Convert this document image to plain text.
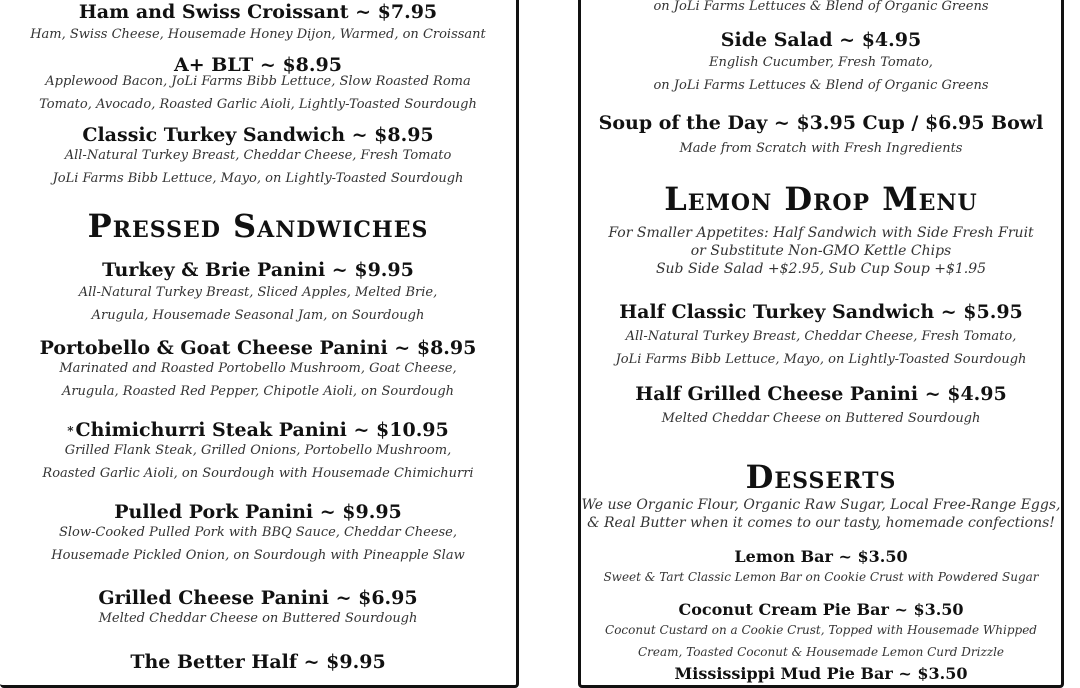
Ham and Swiss Croissant ~ $7.95

Ham, Swiss Cheese, Housemade Honey Dijon, Warmed, on Croissant

A+ BLT ~ $8.95

Applewood Bacon, JoLi Farms Bibb Lettuce, Slow Roasted Roma
Tomato, Avocado, Roasted Garlic Aioli, Lightly-Toasted Sourdough

Classic Turkey Sandwich ~ $8.95

All-Natural Turkey Breast, Cheddar Cheese, Fresh Tomato
JoLi Farms Bibb Lettuce, Mayo, on Lightly-Toasted Sourdough

Pressed Sandwiches

Turkey & Brie Panini ~ $9.95

All-Natural Turkey Breast, Sliced Apples, Melted Brie,
Arugula, Housemade Seasonal Jam, on Sourdough

Portobello & Goat Cheese Panini ~ $8.95

Marinated and Roasted Portobello Mushroom, Goat Cheese,
Arugula, Roasted Red Pepper, Chipotle Aioli, on Sourdough

* Chimichurri Steak Panini ~ $10.95

Grilled Flank Steak, Grilled Onions, Portobello Mushroom,
Roasted Garlic Aioli, on Sourdough with Housemade Chimichurri

Pulled Pork Panini ~ $9.95

Slow-Cooked Pulled Pork with BBQ Sauce, Cheddar Cheese,
Housemade Pickled Onion, on Sourdough with Pineapple Slaw

Grilled Cheese Panini ~ $6.95

Melted Cheddar Cheese on Buttered Sourdough

The Better Half ~ $9.95

on JoLi Farms Lettuces & Blend of Organic Greens

Side Salad ~ $4.95

English Cucumber, Fresh Tomato,
on JoLi Farms Lettuces & Blend of Organic Greens

Soup of the Day ~ $3.95 Cup / $6.95 Bowl

Made from Scratch with Fresh Ingredients

Lemon Drop Menu

For Smaller Appetites: Half Sandwich with Side Fresh Fruit
or Substitute Non-GMO Kettle Chips
Sub Side Salad +$2.95, Sub Cup Soup +$1.95

Half Classic Turkey Sandwich ~ $5.95

All-Natural Turkey Breast, Cheddar Cheese, Fresh Tomato,
JoLi Farms Bibb Lettuce, Mayo, on Lightly-Toasted Sourdough

Half Grilled Cheese Panini ~ $4.95

Melted Cheddar Cheese on Buttered Sourdough

Desserts

We use Organic Flour, Organic Raw Sugar, Local Free-Range Eggs,
& Real Butter when it comes to our tasty, homemade confections!

Lemon Bar ~ $3.50

Sweet & Tart Classic Lemon Bar on Cookie Crust with Powdered Sugar

Coconut Cream Pie Bar ~ $3.50

Coconut Custard on a Cookie Crust, Topped with Housemade Whipped
Cream, Toasted Coconut & Housemade Lemon Curd Drizzle

Mississippi Mud Pie Bar ~ $3.50
